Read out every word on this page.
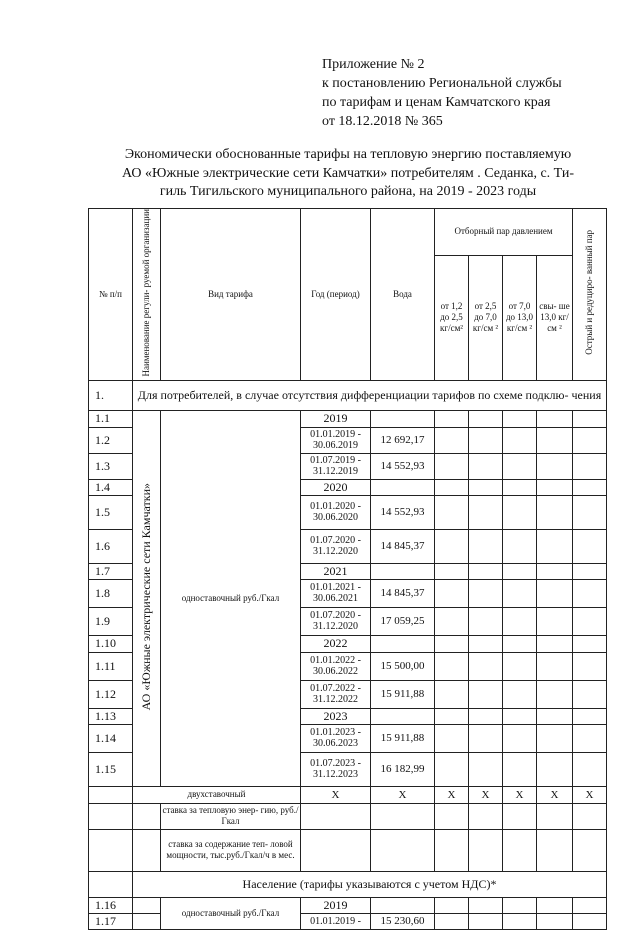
Приложение № 2
к постановлению Региональной службы
по тарифам и ценам Камчатского края
от 18.12.2018 № 365
Экономически обоснованные тарифы на тепловую энергию поставляемую
АО «Южные электрические сети Камчатки» потребителям . Седанка, с. Ти-
гиль Тигильского муниципального района, на 2019 - 2023 годы
№ п/п	Наименование регули- руемой организации	Вид тарифа	Год (период)	Вода	Отборный пар давлением				Острый и редуциро- ванный пар
					от 1,2 до 2,5 кг/см²	от 2,5 до 7,0 кг/см ²	от 7,0 до 13,0 кг/см ²	свы- ше 13,0 кг/см ²	
1.	Для потребителей, в случае отсутствия дифференциации тарифов по схеме подклю- чения								
1.1	АО «Южные электрические сети Камчатки»	одноставочный руб./Гкал	2019						
1.2			01.01.2019 - 30.06.2019	12 692,17					
1.3			01.07.2019 - 31.12.2019	14 552,93					
1.4			2020						
1.5			01.01.2020 - 30.06.2020	14 552,93					
1.6			01.07.2020 - 31.12.2020	14 845,37					
1.7			2021						
1.8			01.01.2021 - 30.06.2021	14 845,37					
1.9			01.07.2020 - 31.12.2020	17 059,25					
1.10			2022						
1.11			01.01.2022 - 30.06.2022	15 500,00					
1.12			01.07.2022 - 31.12.2022	15 911,88					
1.13			2023						
1.14			01.01.2023 - 30.06.2023	15 911,88					
1.15			01.07.2023 - 31.12.2023	16 182,99					
	двухставочный		X	X	X	X	X	X	X
		ставка за тепловую энер- гию, руб./Гкал							
		ставка за содержание теп- ловой мощности, тыс.руб./Гкал/ч в мес.							
	Население (тарифы указываются с учетом НДС)*								
1.16		одноставочный руб./Гкал	2019						
1.17			01.01.2019 -	15 230,60					
